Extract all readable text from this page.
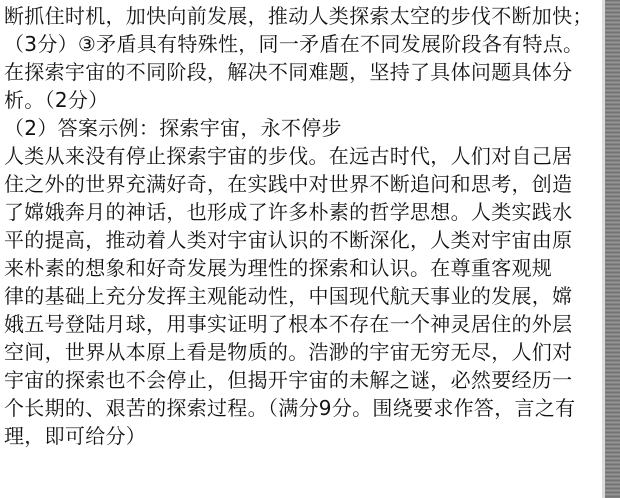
断抓住时机，加快向前发展，推动人类探索太空的步伐不断加快；
（3分）③矛盾具有特殊性，同一矛盾在不同发展阶段各有特点。
在探索宇宙的不同阶段，解决不同难题，坚持了具体问题具体分
析。（2分）
（2）答案示例：探索宇宙，永不停步
人类从来没有停止探索宇宙的步伐。在远古时代，人们对自己居
住之外的世界充满好奇，在实践中对世界不断追问和思考，创造
了嫦娥奔月的神话，也形成了许多朴素的哲学思想。人类实践水
平的提高，推动着人类对宇宙认识的不断深化，人类对宇宙由原
来朴素的想象和好奇发展为理性的探索和认识。在尊重客观规
律的基础上充分发挥主观能动性，中国现代航天事业的发展，嫦
娥五号登陆月球，用事实证明了根本不存在一个神灵居住的外层
空间，世界从本原上看是物质的。浩渺的宇宙无穷无尽，人们对
宇宙的探索也不会停止，但揭开宇宙的未解之谜，必然要经历一
个长期的、艰苦的探索过程。（满分9分。围绕要求作答，言之有
理，即可给分）
